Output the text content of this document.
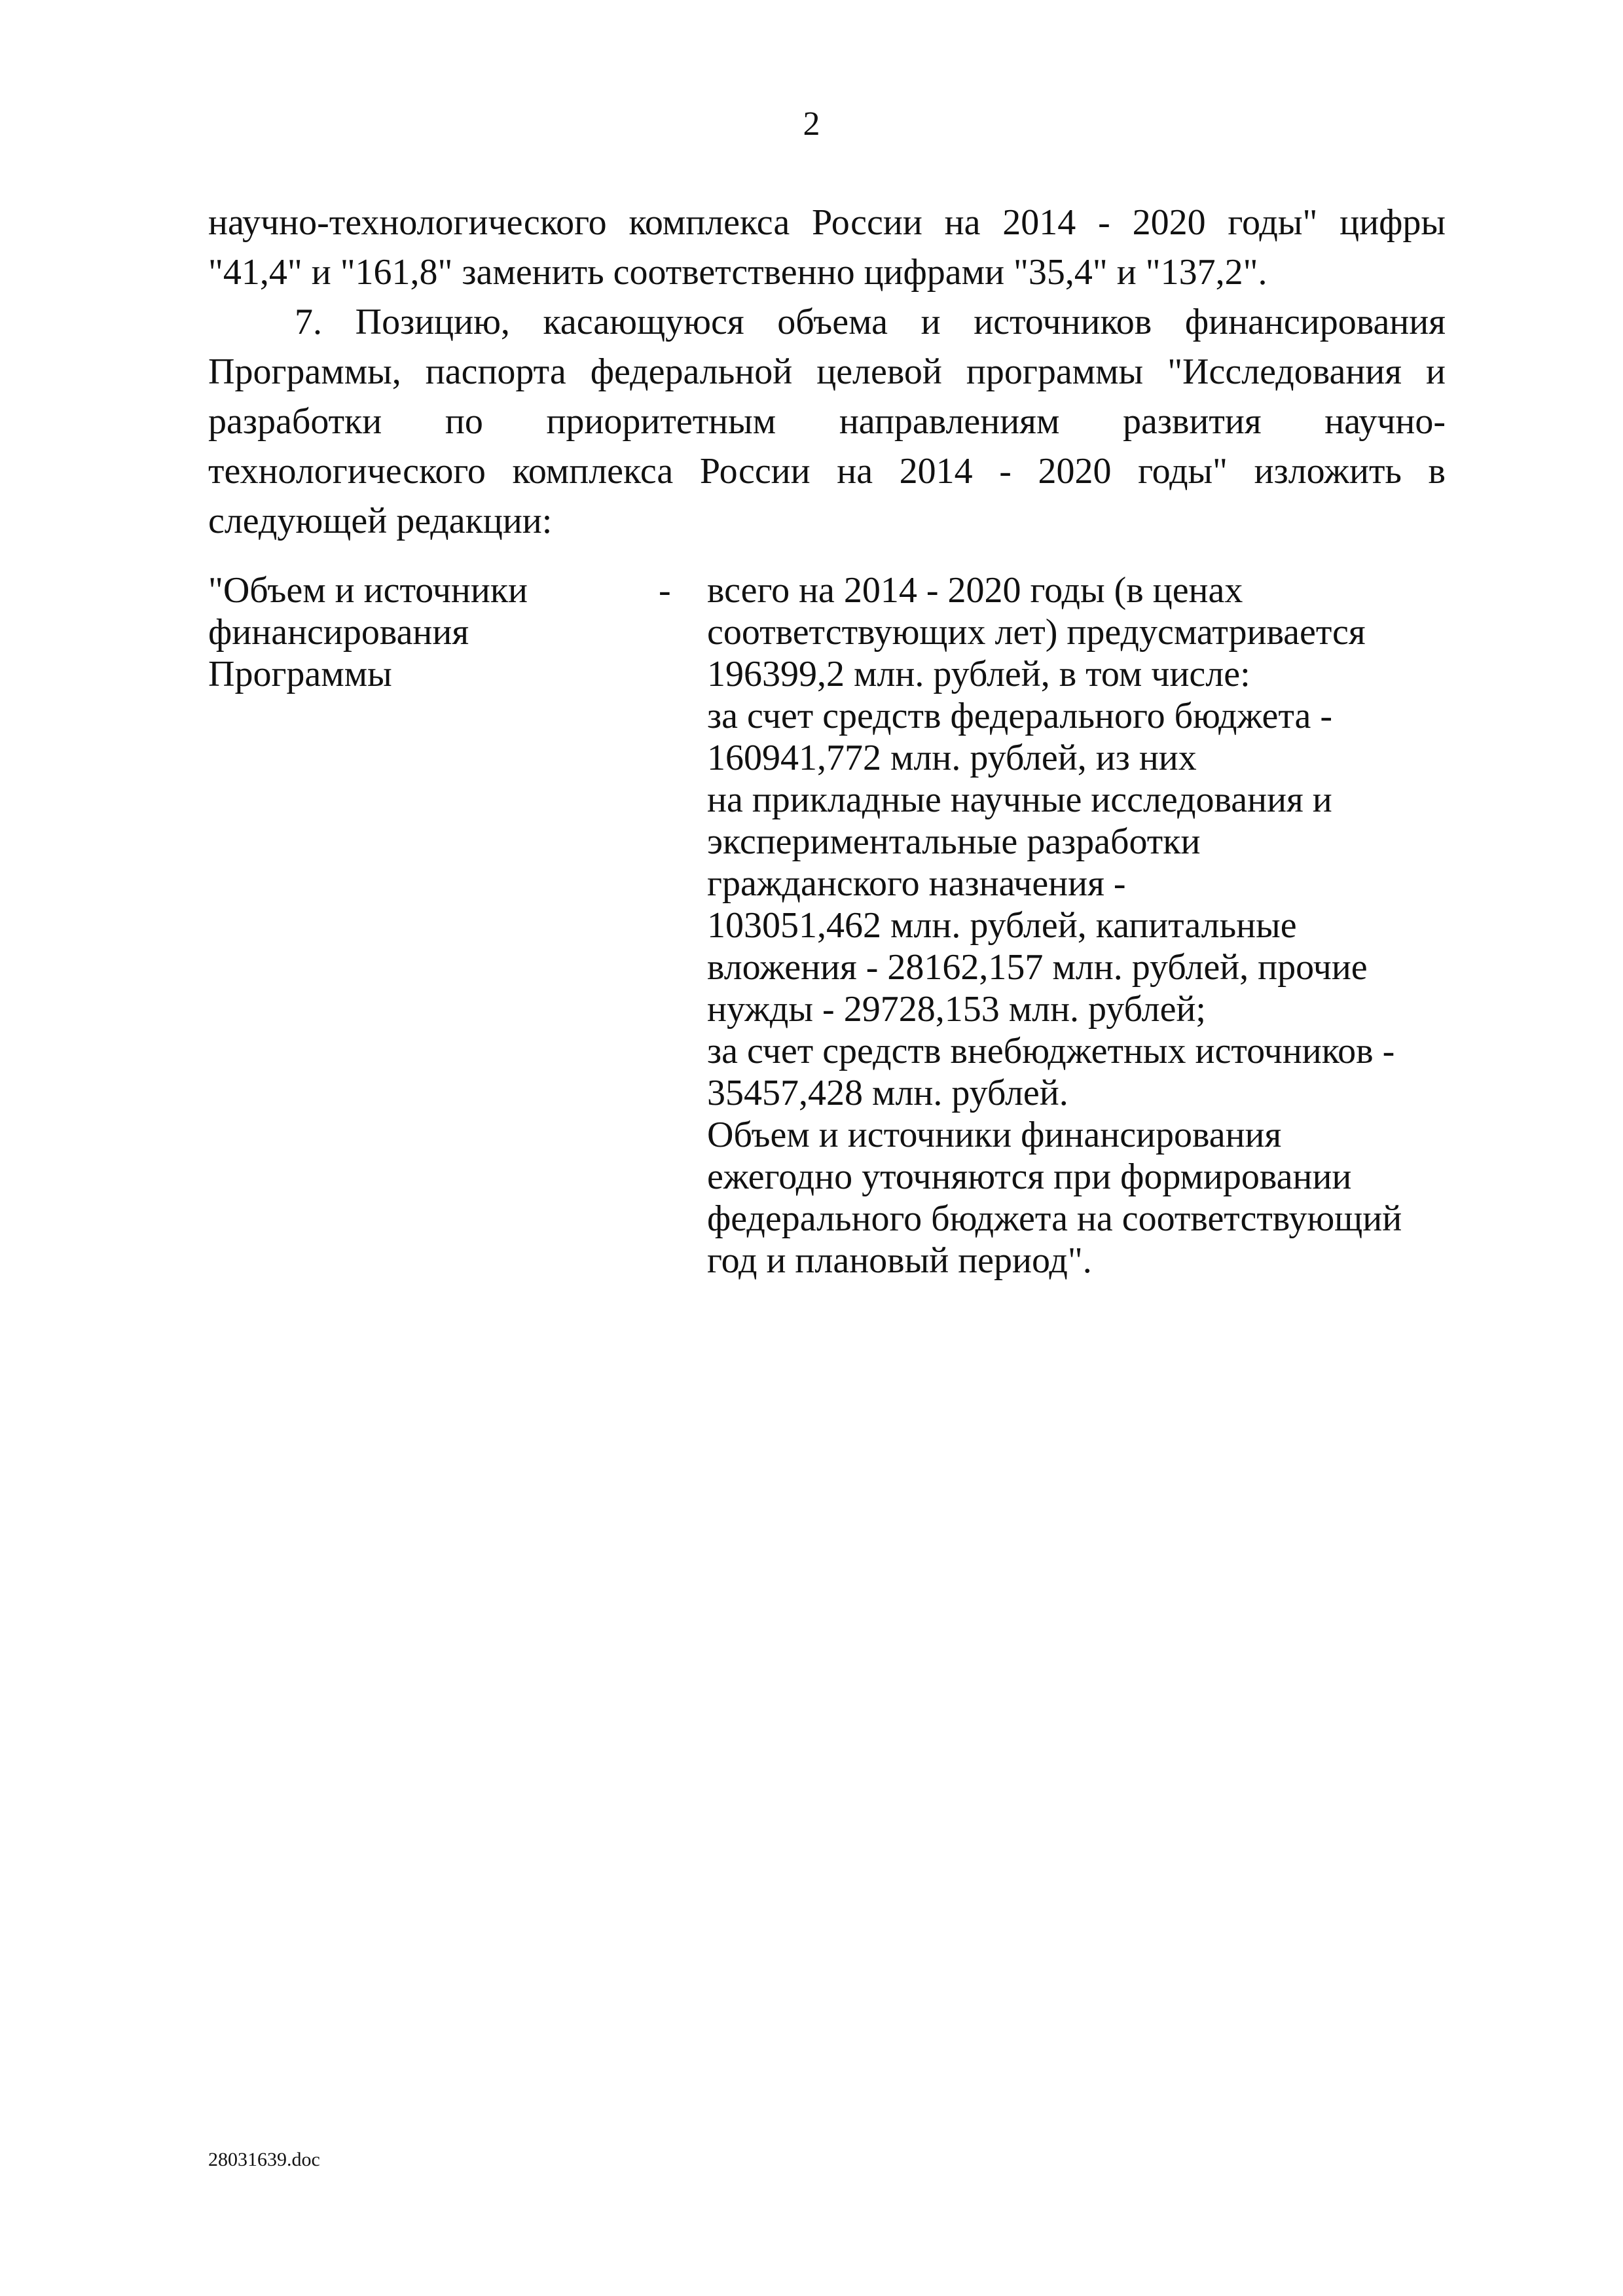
2
научно-технологического комплекса России на 2014 - 2020 годы" цифры
"41,4" и "161,8" заменить соответственно цифрами "35,4" и "137,2".
7. Позицию, касающуюся объема и источников финансирования
Программы, паспорта федеральной целевой программы "Исследования и
разработки по приоритетным направлениям развития научно-
технологического комплекса России на 2014 - 2020 годы" изложить в
следующей редакции:
"Объем и источники
финансирования
Программы
- всего на 2014 - 2020 годы (в ценах
соответствующих лет) предусматривается
196399,2 млн. рублей, в том числе:
за счет средств федерального бюджета -
160941,772 млн. рублей, из них
на прикладные научные исследования и
экспериментальные разработки
гражданского назначения -
103051,462 млн. рублей, капитальные
вложения - 28162,157 млн. рублей, прочие
нужды - 29728,153 млн. рублей;
за счет средств внебюджетных источников -
35457,428 млн. рублей.
Объем и источники финансирования
ежегодно уточняются при формировании
федерального бюджета на соответствующий
год и плановый период".
28031639.doc
